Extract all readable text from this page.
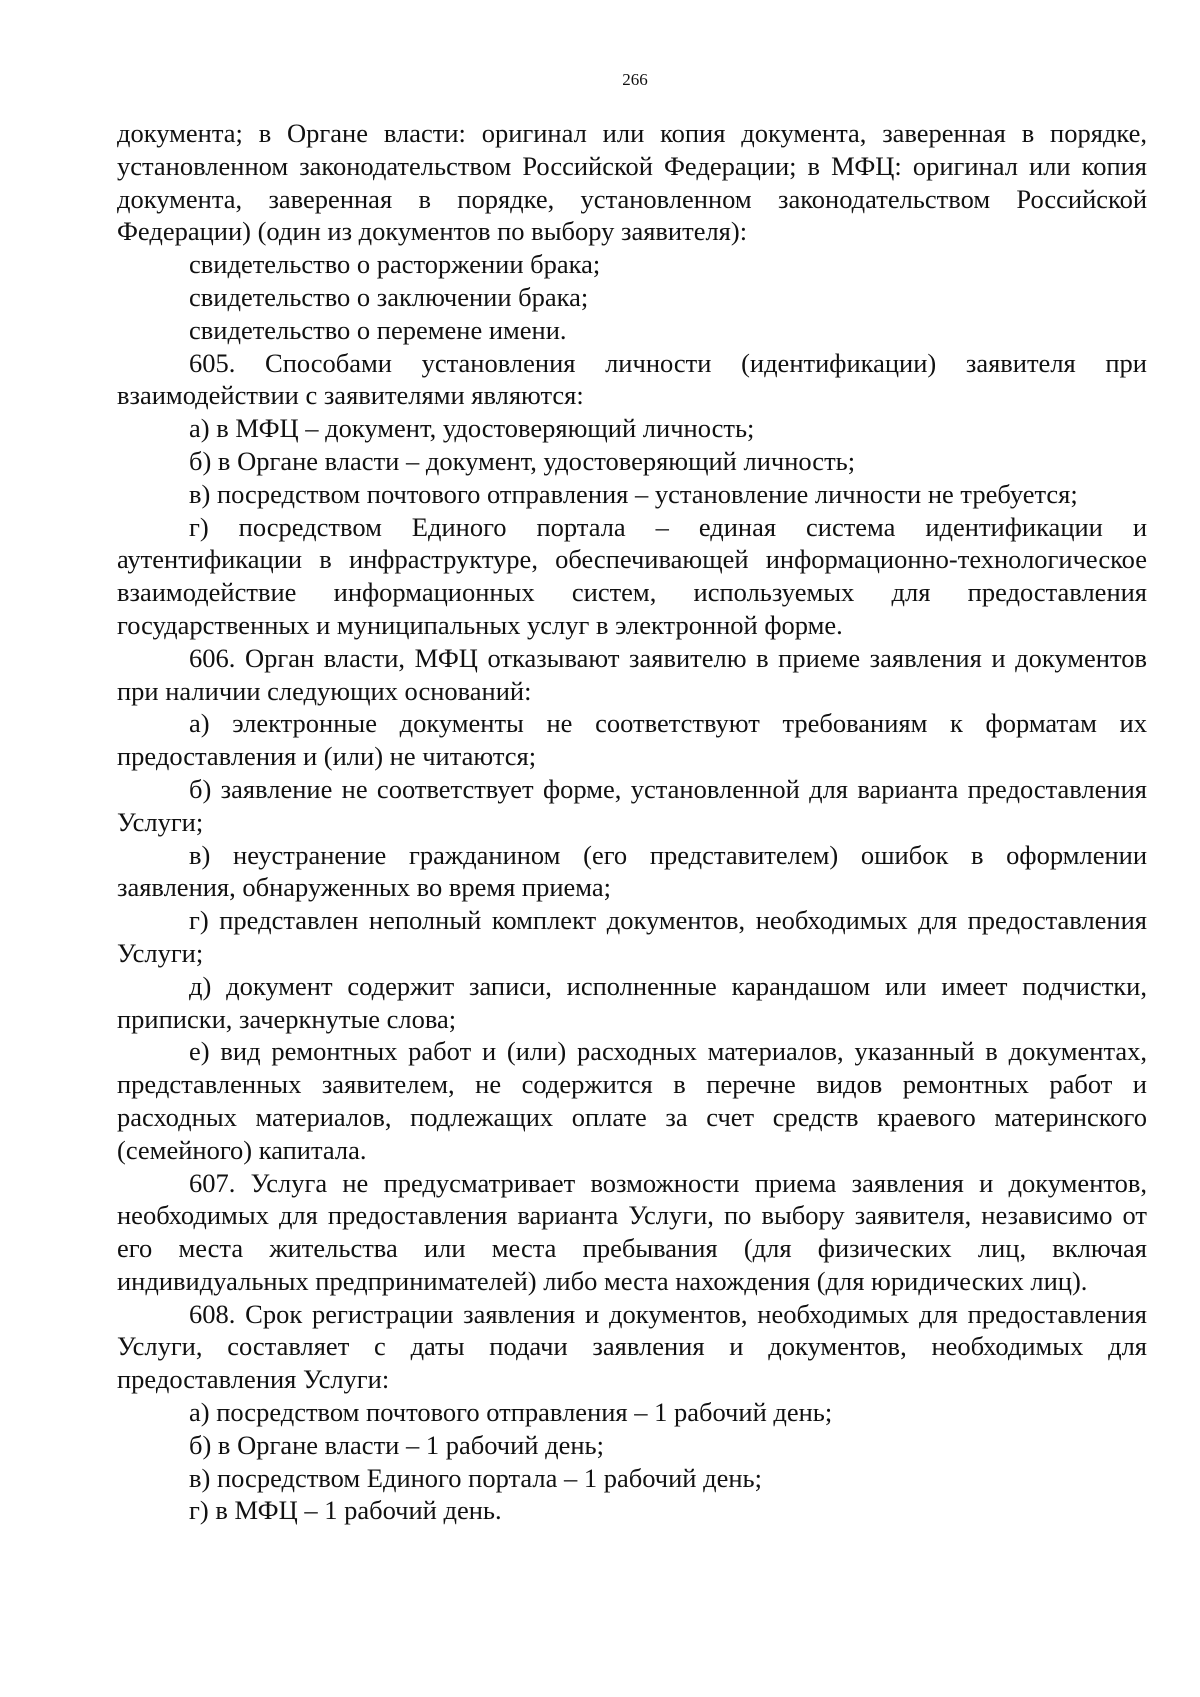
266

документа; в Органе власти: оригинал или копия документа, заверенная в порядке, установленном законодательством Российской Федерации; в МФЦ: оригинал или копия документа, заверенная в порядке, установленном законодательством Российской Федерации) (один из документов по выбору заявителя):

свидетельство о расторжении брака;

свидетельство о заключении брака;

свидетельство о перемене имени.

605. Способами установления личности (идентификации) заявителя при взаимодействии с заявителями являются:

а) в МФЦ – документ, удостоверяющий личность;

б) в Органе власти – документ, удостоверяющий личность;

в) посредством почтового отправления – установление личности не требуется;

г) посредством Единого портала – единая система идентификации и аутентификации в инфраструктуре, обеспечивающей информационно-технологическое взаимодействие информационных систем, используемых для предоставления государственных и муниципальных услуг в электронной форме.

606. Орган власти, МФЦ отказывают заявителю в приеме заявления и документов при наличии следующих оснований:

а) электронные документы не соответствуют требованиям к форматам их предоставления и (или) не читаются;

б) заявление не соответствует форме, установленной для варианта предоставления Услуги;

в) неустранение гражданином (его представителем) ошибок в оформлении заявления, обнаруженных во время приема;

г) представлен неполный комплект документов, необходимых для предоставления Услуги;

д) документ содержит записи, исполненные карандашом или имеет подчистки, приписки, зачеркнутые слова;

е) вид ремонтных работ и (или) расходных материалов, указанный в документах, представленных заявителем, не содержится в перечне видов ремонтных работ и расходных материалов, подлежащих оплате за счет средств краевого материнского (семейного) капитала.

607. Услуга не предусматривает возможности приема заявления и документов, необходимых для предоставления варианта Услуги, по выбору заявителя, независимо от его места жительства или места пребывания (для физических лиц, включая индивидуальных предпринимателей) либо места нахождения (для юридических лиц).

608. Срок регистрации заявления и документов, необходимых для предоставления Услуги, составляет с даты подачи заявления и документов, необходимых для предоставления Услуги:

а) посредством почтового отправления – 1 рабочий день;

б) в Органе власти – 1 рабочий день;

в) посредством Единого портала – 1 рабочий день;

г) в МФЦ – 1 рабочий день.
